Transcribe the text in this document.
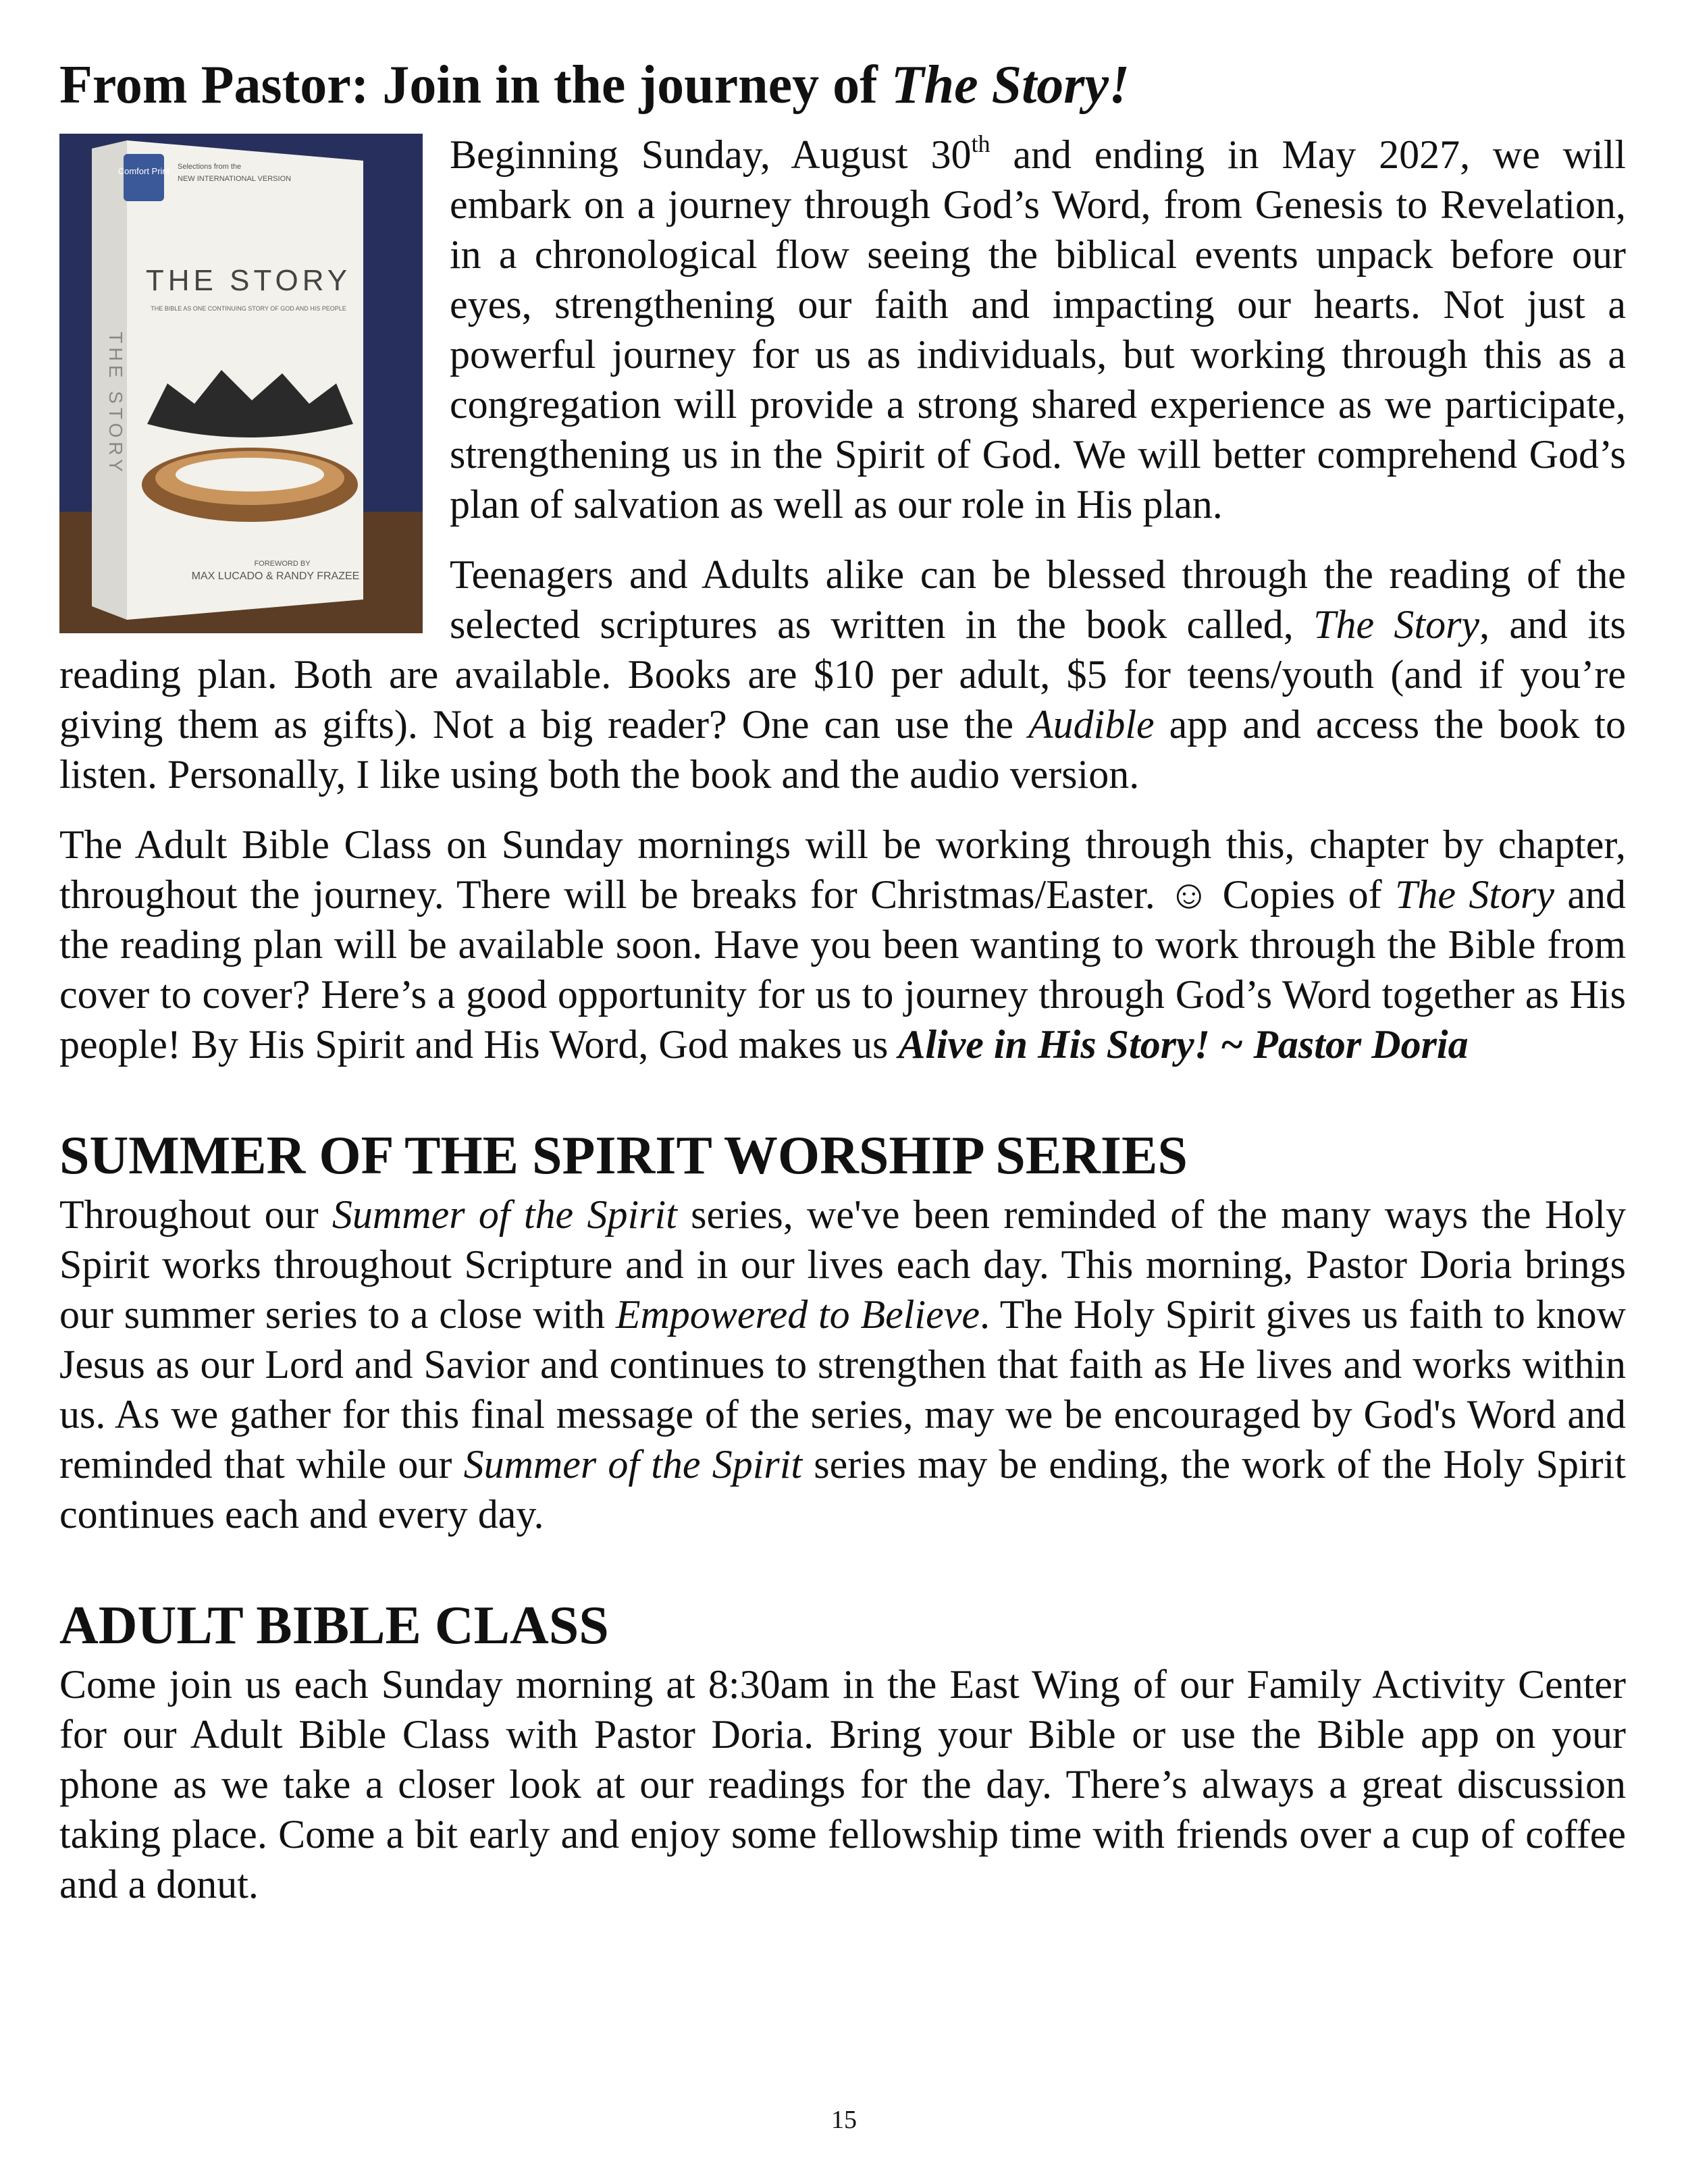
From Pastor: Join in the journey of The Story!
Comfort Print Selections from the
NEW INTERNATIONAL VERSION
THE STORY
THE BIBLE AS ONE CONTINUING STORY OF GOD AND HIS PEOPLE
FOREWORD BY
MAX LUCADO & RANDY FRAZEE
THE STORY

Beginning Sunday, August 30th and ending in May 2027, we will embark on a journey through God’s Word, from Genesis to Revelation, in a chronological flow seeing the biblical events unpack before our eyes, strengthening our faith and impacting our hearts. Not just a powerful journey for us as individuals, but working through this as a congregation will provide a strong shared experience as we participate, strengthening us in the Spirit of God. We will better comprehend God’s plan of salvation as well as our role in His plan.

Teenagers and Adults alike can be blessed through the reading of the selected scriptures as written in the book called, The Story, and its reading plan. Both are available. Books are $10 per adult, $5 for teens/youth (and if you’re giving them as gifts). Not a big reader? One can use the Audible app and access the book to listen. Personally, I like using both the book and the audio version.

The Adult Bible Class on Sunday mornings will be working through this, chapter by chapter, throughout the journey. There will be breaks for Christmas/Easter. ☺ Copies of The Story and the reading plan will be available soon. Have you been wanting to work through the Bible from cover to cover? Here’s a good opportunity for us to journey through God’s Word together as His people! By His Spirit and His Word, God makes us Alive in His Story! ~ Pastor Doria

SUMMER OF THE SPIRIT WORSHIP SERIES

Throughout our Summer of the Spirit series, we've been reminded of the many ways the Holy Spirit works throughout Scripture and in our lives each day. This morning, Pastor Doria brings our summer series to a close with Empowered to Believe. The Holy Spirit gives us faith to know Jesus as our Lord and Savior and continues to strengthen that faith as He lives and works within us. As we gather for this final message of the series, may we be encouraged by God's Word and reminded that while our Summer of the Spirit series may be ending, the work of the Holy Spirit continues each and every day.

ADULT BIBLE CLASS

Come join us each Sunday morning at 8:30am in the East Wing of our Family Activity Center for our Adult Bible Class with Pastor Doria. Bring your Bible or use the Bible app on your phone as we take a closer look at our readings for the day. There’s always a great discussion taking place. Come a bit early and enjoy some fellowship time with friends over a cup of coffee and a donut.

15
